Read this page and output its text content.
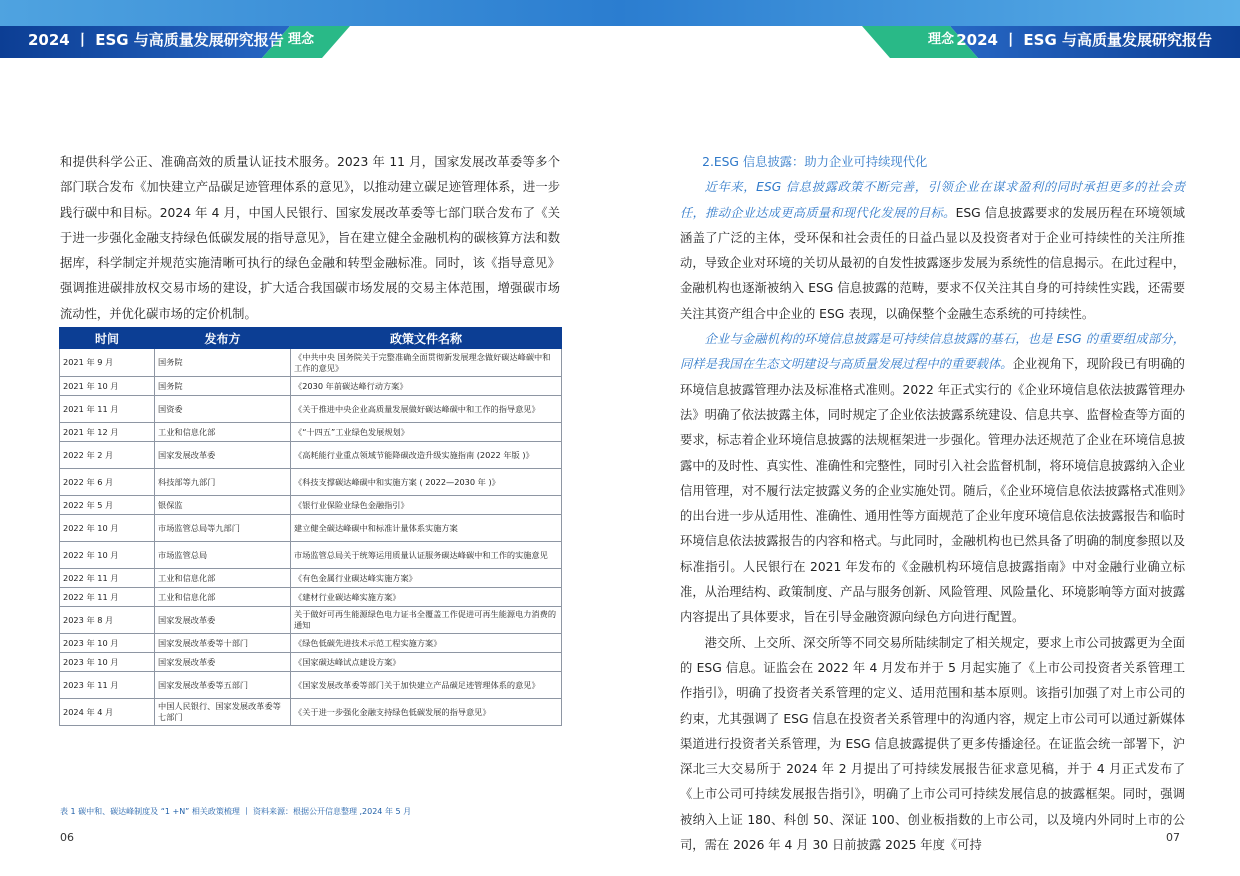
2024 丨 ESG 与高质量发展研究报告 理念	理念 2024 丨 ESG 与高质量发展研究报告

和提供科学公正、准确高效的质量认证技术服务。2023 年 11 月，国家发展改革委等多个部门联合发布《加快建立产品碳足迹管理体系的意见》，以推动建立碳足迹管理体系，进一步践行碳中和目标。2024 年 4 月，中国人民银行、国家发展改革委等七部门联合发布了《关于进一步强化金融支持绿色低碳发展的指导意见》，旨在建立健全金融机构的碳核算方法和数据库，科学制定并规范实施清晰可执行的绿色金融和转型金融标准。同时，该《指导意见》强调推进碳排放权交易市场的建设，扩大适合我国碳市场发展的交易主体范围，增强碳市场流动性，并优化碳市场的定价机制。

时间	发布方	政策文件名称
2021 年 9 月	国务院	《中共中央 国务院关于完整准确全面贯彻新发展理念做好碳达峰碳中和工作的意见》
2021 年 10 月	国务院	《2030 年前碳达峰行动方案》
2021 年 11 月	国资委	《关于推进中央企业高质量发展做好碳达峰碳中和工作的指导意见》
2021 年 12 月	工业和信息化部	《“十四五”工业绿色发展规划》
2022 年 2 月	国家发展改革委	《高耗能行业重点领域节能降碳改造升级实施指南 (2022 年版 )》
2022 年 6 月	科技部等九部门	《科技支撑碳达峰碳中和实施方案 ( 2022—2030 年 )》
2022 年 5 月	银保监	《银行业保险业绿色金融指引》
2022 年 10 月	市场监管总局等九部门	建立健全碳达峰碳中和标准计量体系实施方案
2022 年 10 月	市场监管总局	市场监管总局关于统筹运用质量认证服务碳达峰碳中和工作的实施意见
2022 年 11 月	工业和信息化部	《有色金属行业碳达峰实施方案》
2022 年 11 月	工业和信息化部	《建材行业碳达峰实施方案》
2023 年 8 月	国家发展改革委	关于做好可再生能源绿色电力证书全覆盖工作促进可再生能源电力消费的通知
2023 年 10 月	国家发展改革委等十部门	《绿色低碳先进技术示范工程实施方案》
2023 年 10 月	国家发展改革委	《国家碳达峰试点建设方案》
2023 年 11 月	国家发展改革委等五部门	《国家发展改革委等部门关于加快建立产品碳足迹管理体系的意见》
2024 年 4 月	中国人民银行、国家发展改革委等七部门	《关于进一步强化金融支持绿色低碳发展的指导意见》
表 1 碳中和、碳达峰制度及 “1 +N” 相关政策梳理 丨 资料来源：根据公开信息整理 ,2024 年 5 月
06

2.ESG 信息披露：助力企业可持续现代化

近年来，ESG 信息披露政策不断完善，引领企业在谋求盈利的同时承担更多的社会责任，推动企业达成更高质量和现代化发展的目标。ESG 信息披露要求的发展历程在环境领域涵盖了广泛的主体，受环保和社会责任的日益凸显以及投资者对于企业可持续性的关注所推动，导致企业对环境的关切从最初的自发性披露逐步发展为系统性的信息揭示。在此过程中，金融机构也逐渐被纳入 ESG 信息披露的范畴，要求不仅关注其自身的可持续性实践，还需要关注其资产组合中企业的 ESG 表现，以确保整个金融生态系统的可持续性。

企业与金融机构的环境信息披露是可持续信息披露的基石，也是 ESG 的重要组成部分，同样是我国在生态文明建设与高质量发展过程中的重要载体。企业视角下，现阶段已有明确的环境信息披露管理办法及标准格式准则。2022 年正式实行的《企业环境信息依法披露管理办法》明确了依法披露主体，同时规定了企业依法披露系统建设、信息共享、监督检查等方面的要求，标志着企业环境信息披露的法规框架进一步强化。管理办法还规范了企业在环境信息披露中的及时性、真实性、准确性和完整性，同时引入社会监督机制，将环境信息披露纳入企业信用管理，对不履行法定披露义务的企业实施处罚。随后，《企业环境信息依法披露格式准则》的出台进一步从适用性、准确性、通用性等方面规范了企业年度环境信息依法披露报告和临时环境信息依法披露报告的内容和格式。与此同时，金融机构也已然具备了明确的制度参照以及标准指引。人民银行在 2021 年发布的《金融机构环境信息披露指南》中对金融行业确立标准，从治理结构、政策制度、产品与服务创新、风险管理、风险量化、环境影响等方面对披露内容提出了具体要求，旨在引导金融资源向绿色方向进行配置。

港交所、上交所、深交所等不同交易所陆续制定了相关规定，要求上市公司披露更为全面的 ESG 信息。证监会在 2022 年 4 月发布并于 5 月起实施了《上市公司投资者关系管理工作指引》，明确了投资者关系管理的定义、适用范围和基本原则。该指引加强了对上市公司的约束，尤其强调了 ESG 信息在投资者关系管理中的沟通内容，规定上市公司可以通过新媒体渠道进行投资者关系管理，为 ESG 信息披露提供了更多传播途径。在证监会统一部署下，沪深北三大交易所于 2024 年 2 月提出了可持续发展报告征求意见稿，并于 4 月正式发布了《上市公司可持续发展报告指引》，明确了上市公司可持续发展信息的披露框架。同时，强调被纳入上证 180、科创 50、深证 100、创业板指数的上市公司，以及境内外同时上市的公司，需在 2026 年 4 月 30 日前披露 2025 年度《可持

07
